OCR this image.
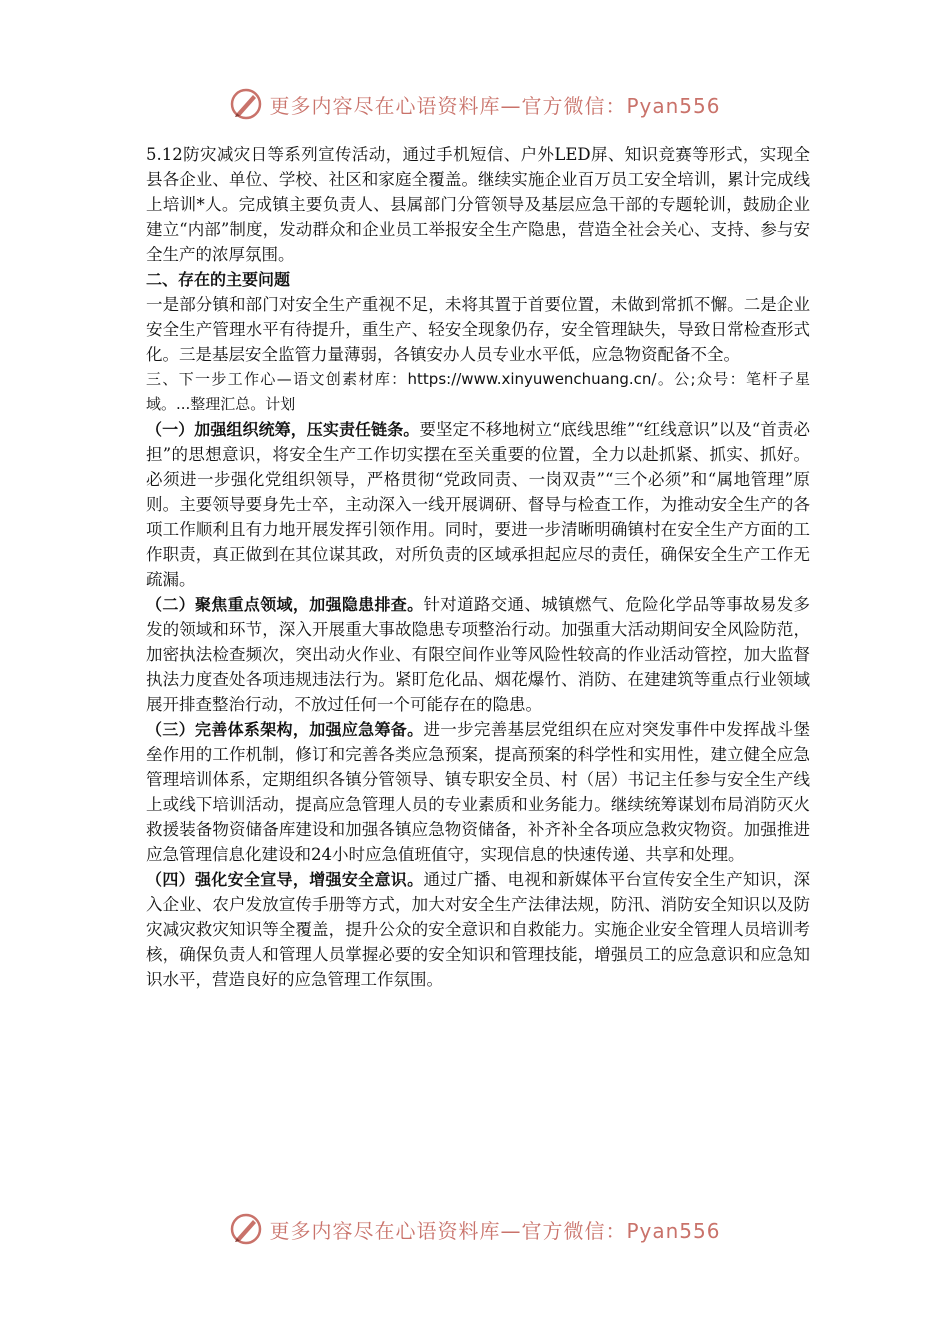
更多内容尽在心语资料库—官方微信：Pyan556

5.12防灾减灾日等系列宣传活动，通过手机短信、户外LED屏、知识竞赛等形式，实现全县各企业、单位、学校、社区和家庭全覆盖。继续实施企业百万员工安全培训，累计完成线上培训*人。完成镇主要负责人、县属部门分管领导及基层应急干部的专题轮训，鼓励企业建立“内部”制度，发动群众和企业员工举报安全生产隐患，营造全社会关心、支持、参与安全生产的浓厚氛围。

二、存在的主要问题

一是部分镇和部门对安全生产重视不足，未将其置于首要位置，未做到常抓不懈。二是企业安全生产管理水平有待提升，重生产、轻安全现象仍存，安全管理缺失，导致日常检查形式化。三是基层安全监管力量薄弱，各镇安办人员专业水平低，应急物资配备不全。

三、下一步工作心—语文创素材库：https://www.xinyuwenchuang.cn/。公;众号：笔杆子星域。...整理汇总。计划

（一）加强组织统筹，压实责任链条。要坚定不移地树立“底线思维”“红线意识”以及“首责必担”的思想意识，将安全生产工作切实摆在至关重要的位置，全力以赴抓紧、抓实、抓好。必须进一步强化党组织领导，严格贯彻“党政同责、一岗双责”“三个必须”和“属地管理”原则。主要领导要身先士卒，主动深入一线开展调研、督导与检查工作，为推动安全生产的各项工作顺利且有力地开展发挥引领作用。同时，要进一步清晰明确镇村在安全生产方面的工作职责，真正做到在其位谋其政，对所负责的区域承担起应尽的责任，确保安全生产工作无疏漏。

（二）聚焦重点领域，加强隐患排查。针对道路交通、城镇燃气、危险化学品等事故易发多发的领域和环节，深入开展重大事故隐患专项整治行动。加强重大活动期间安全风险防范，加密执法检查频次，突出动火作业、有限空间作业等风险性较高的作业活动管控，加大监督执法力度查处各项违规违法行为。紧盯危化品、烟花爆竹、消防、在建建筑等重点行业领域展开排查整治行动，不放过任何一个可能存在的隐患。

（三）完善体系架构，加强应急筹备。进一步完善基层党组织在应对突发事件中发挥战斗堡垒作用的工作机制，修订和完善各类应急预案，提高预案的科学性和实用性，建立健全应急管理培训体系，定期组织各镇分管领导、镇专职安全员、村（居）书记主任参与安全生产线上或线下培训活动，提高应急管理人员的专业素质和业务能力。继续统筹谋划布局消防灭火救援装备物资储备库建设和加强各镇应急物资储备，补齐补全各项应急救灾物资。加强推进应急管理信息化建设和24小时应急值班值守，实现信息的快速传递、共享和处理。

（四）强化安全宣导，增强安全意识。通过广播、电视和新媒体平台宣传安全生产知识，深入企业、农户发放宣传手册等方式，加大对安全生产法律法规，防汛、消防安全知识以及防灾减灾救灾知识等全覆盖，提升公众的安全意识和自救能力。实施企业安全管理人员培训考核，确保负责人和管理人员掌握必要的安全知识和管理技能，增强员工的应急意识和应急知识水平，营造良好的应急管理工作氛围。

更多内容尽在心语资料库—官方微信：Pyan556
